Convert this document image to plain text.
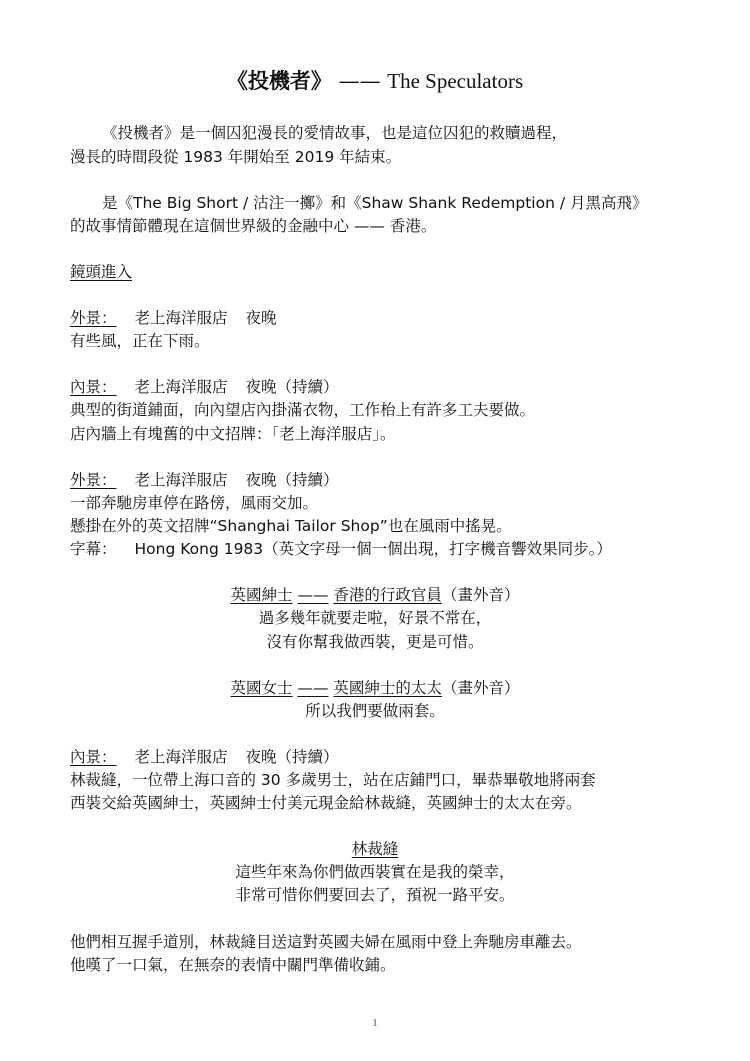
《投機者》 —— The Speculators
《投機者》是一個囚犯漫長的愛情故事，也是這位囚犯的救贖過程，
漫長的時間段從 1983 年開始至 2019 年結束。
是《The Big Short / 沽注一擲》和《Shaw Shank Redemption / 月黑高飛》
的故事情節體現在這個世界級的金融中心 —— 香港。
鏡頭進入
外景： 老上海洋服店 夜晚
有些風，正在下雨。
內景： 老上海洋服店 夜晚（持續）
典型的街道鋪面，向內望店內掛滿衣物，工作枱上有許多工夫要做。
店內牆上有塊舊的中文招牌：「老上海洋服店」。
外景： 老上海洋服店 夜晚（持續）
一部奔馳房車停在路傍，風雨交加。
懸掛在外的英文招牌“Shanghai Tailor Shop”也在風雨中搖晃。
字幕： Hong Kong 1983（英文字母一個一個出現，打字機音響效果同步。）
英國紳士 —— 香港的行政官員（畫外音）
過多幾年就要走啦，好景不常在，
沒有你幫我做西裝，更是可惜。
英國女士 —— 英國紳士的太太（畫外音）
所以我們要做兩套。
內景： 老上海洋服店 夜晚（持續）
林裁縫，一位帶上海口音的 30 多歲男士，站在店鋪門口，畢恭畢敬地將兩套
西裝交給英國紳士，英國紳士付美元現金給林裁縫，英國紳士的太太在旁。
林裁縫
這些年來為你們做西裝實在是我的榮幸，
非常可惜你們要回去了，預祝一路平安。
他們相互握手道別，林裁縫目送這對英國夫婦在風雨中登上奔馳房車離去。
他嘆了一口氣，在無奈的表情中關門準備收鋪。
1
